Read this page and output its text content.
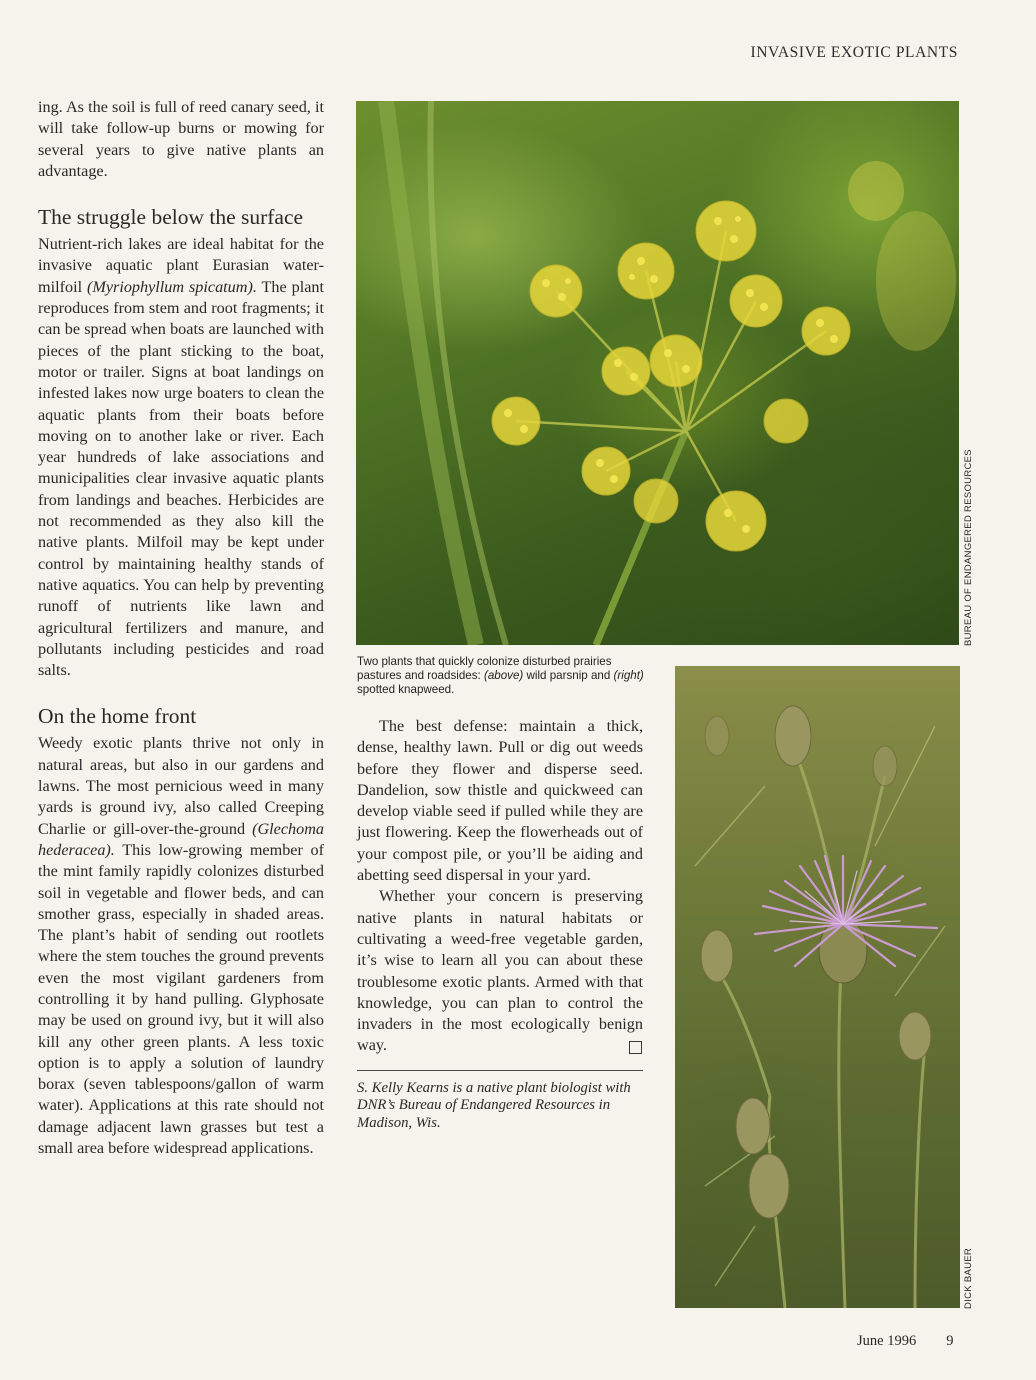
INVASIVE EXOTIC PLANTS

ing. As the soil is full of reed canary seed, it will take follow-up burns or mowing for several years to give native plants an advantage.

The struggle below the surface

Nutrient-rich lakes are ideal habitat for the invasive aquatic plant Eurasian water-milfoil (Myriophyllum spicatum). The plant reproduces from stem and root fragments; it can be spread when boats are launched with pieces of the plant sticking to the boat, motor or trailer. Signs at boat landings on infested lakes now urge boaters to clean the aquatic plants from their boats before moving on to another lake or river. Each year hundreds of lake associations and municipalities clear invasive aquatic plants from landings and beaches. Herbicides are not recommended as they also kill the native plants. Milfoil may be kept under control by maintaining healthy stands of native aquatics. You can help by preventing runoff of nutrients like lawn and agricultural fertilizers and manure, and pollutants including pesticides and road salts.

On the home front

Weedy exotic plants thrive not only in natural areas, but also in our gardens and lawns. The most pernicious weed in many yards is ground ivy, also called Creeping Charlie or gill-over-the-ground (Glechoma hederacea). This low-growing member of the mint family rapidly colonizes disturbed soil in vegetable and flower beds, and can smother grass, especially in shaded areas. The plant’s habit of sending out rootlets where the stem touches the ground prevents even the most vigilant gardeners from controlling it by hand pulling. Glyphosate may be used on ground ivy, but it will also kill any other green plants. A less toxic option is to apply a solution of laundry borax (seven tablespoons/gallon of warm water). Applications at this rate should not damage adjacent lawn grasses but test a small area before widespread applications.

BUREAU OF ENDANGERED RESOURCES
Two plants that quickly colonize disturbed prairies pastures and roadsides: (above) wild parsnip and (right) spotted knapweed.

The best defense: maintain a thick, dense, healthy lawn. Pull or dig out weeds before they flower and disperse seed. Dandelion, sow thistle and quickweed can develop viable seed if pulled while they are just flowering. Keep the flowerheads out of your compost pile, or you’ll be aiding and abetting seed dispersal in your yard.

Whether your concern is preserving native plants in natural habitats or cultivating a weed-free vegetable garden, it’s wise to learn all you can about these troublesome exotic plants. Armed with that knowledge, you can plan to control the invaders in the most ecologically benign way.

S. Kelly Kearns is a native plant biologist with DNR’s Bureau of Endangered Resources in Madison, Wis.

DICK BAUER
June 1996 9
